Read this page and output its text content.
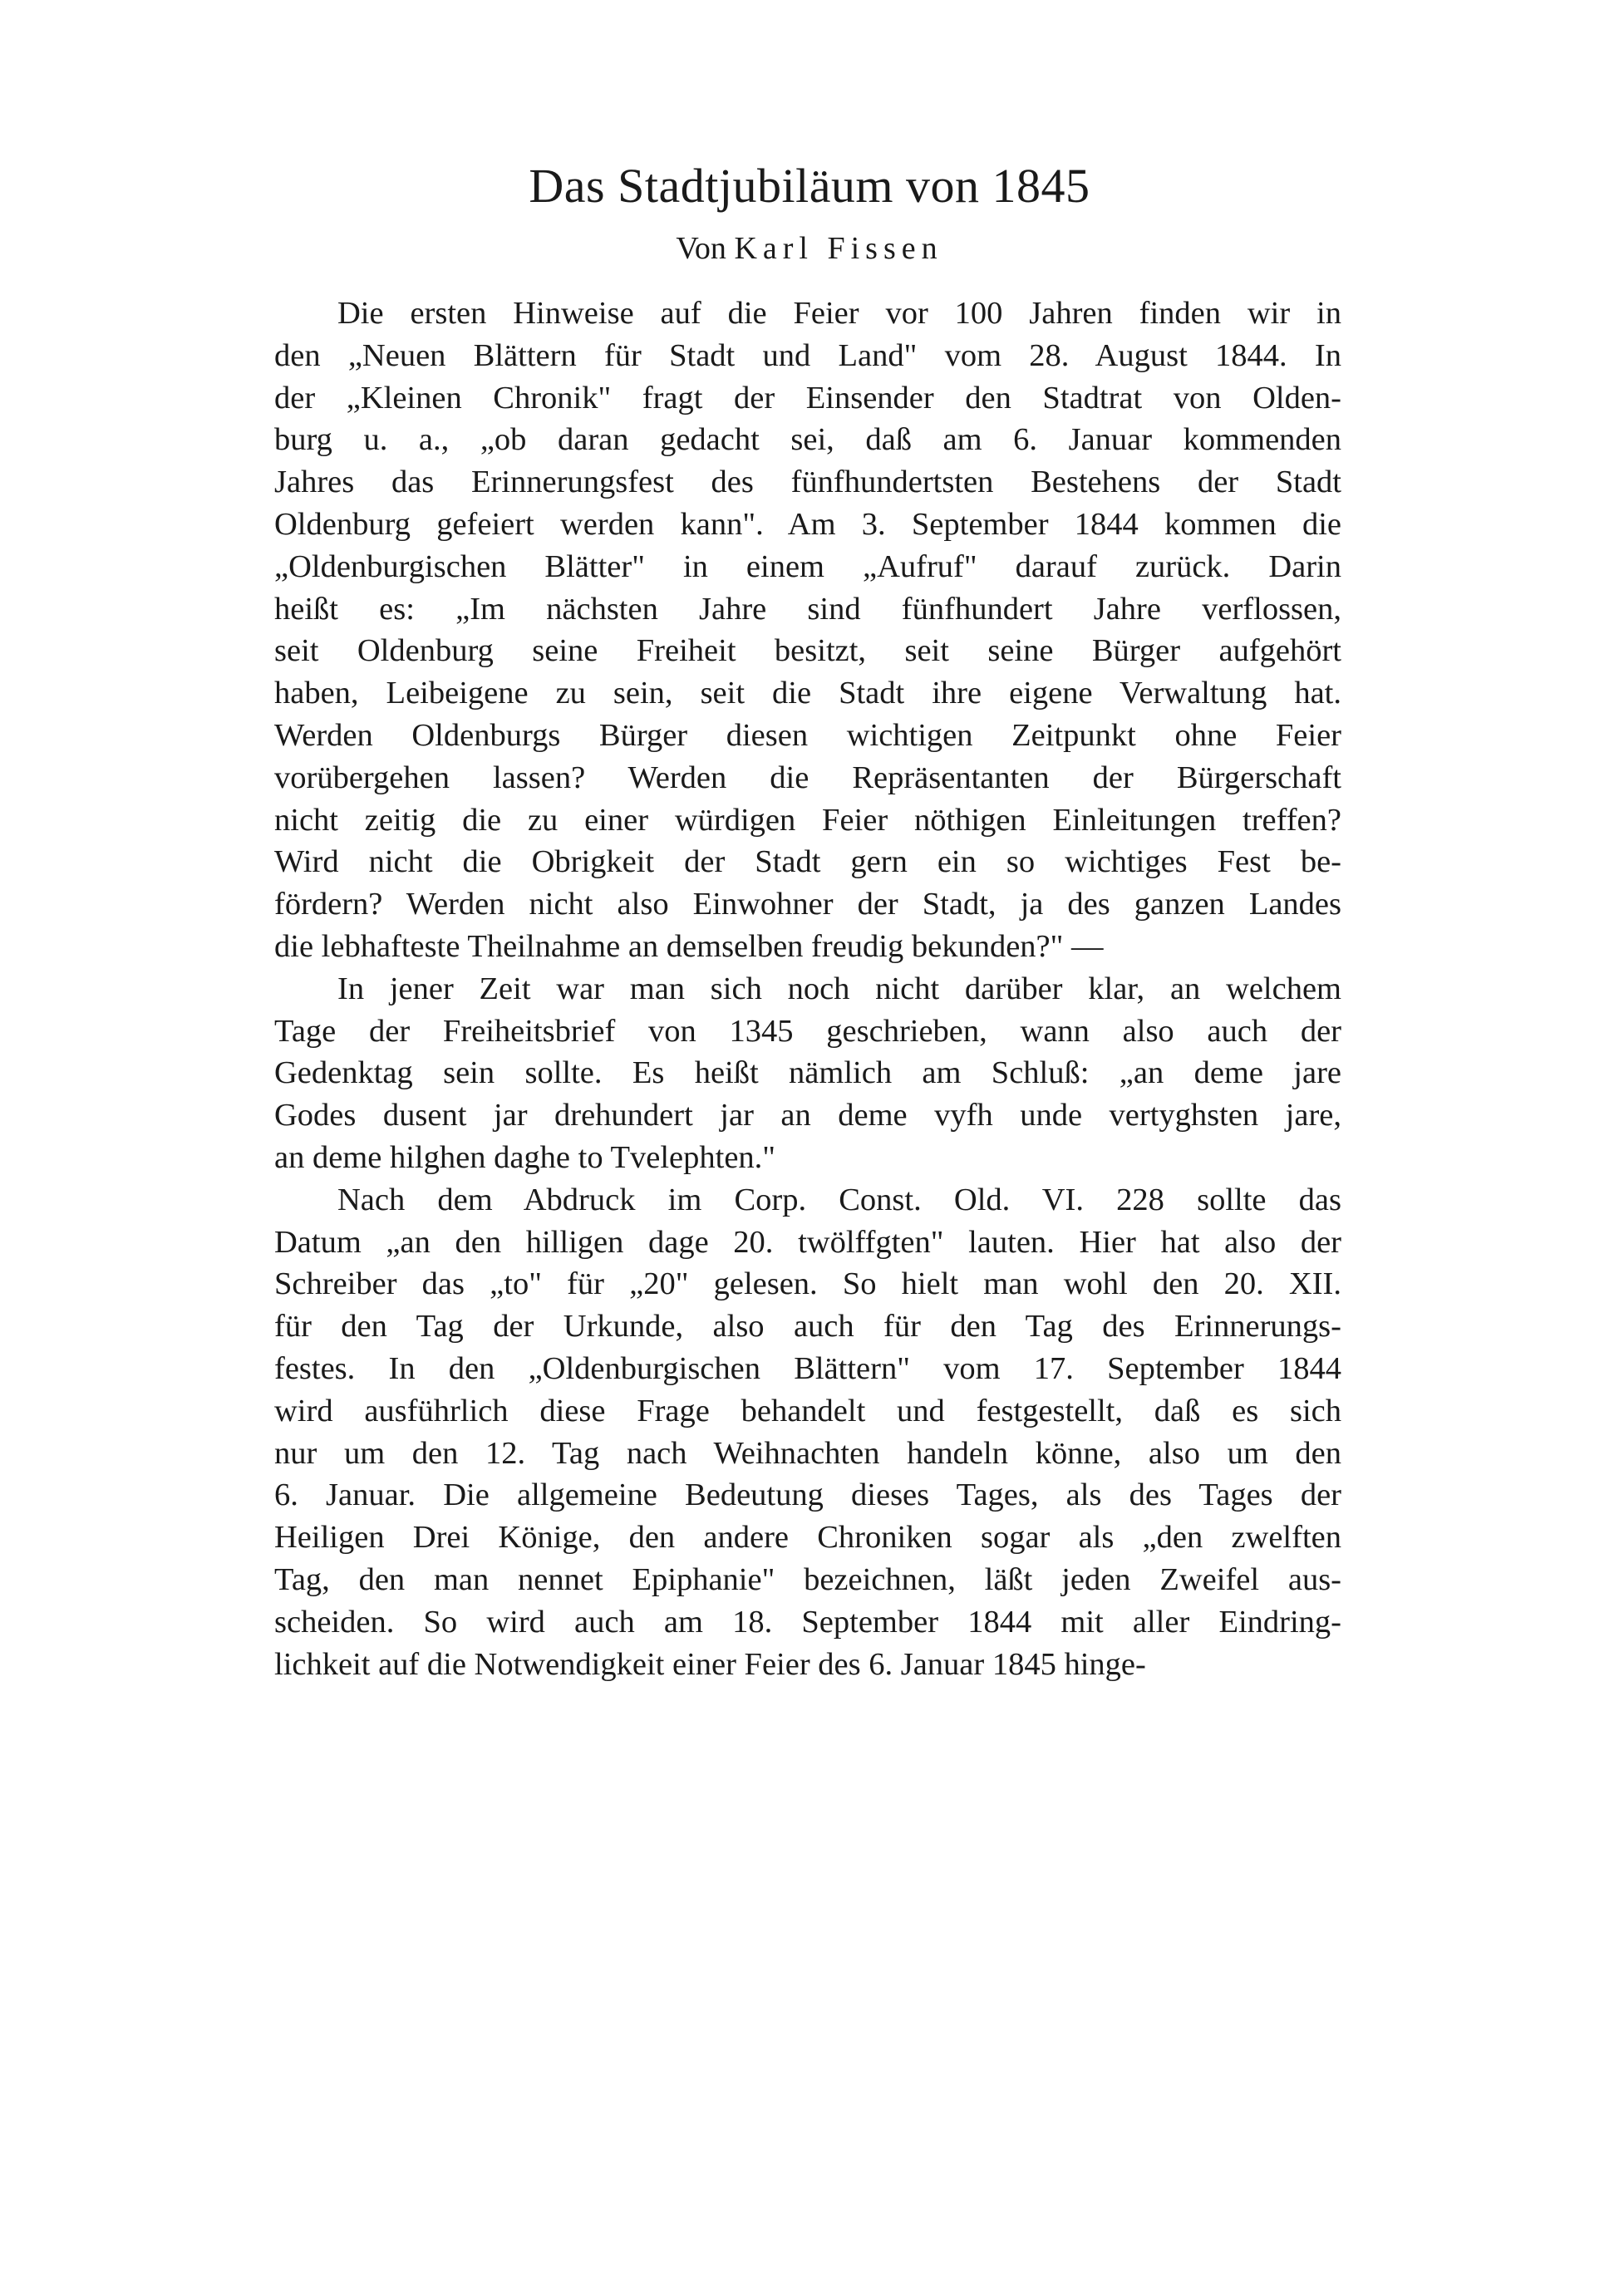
Das Stadtjubiläum von 1845
Von Karl Fissen
Die ersten Hinweise auf die Feier vor 100 Jahren finden wir in
den „Neuen Blättern für Stadt und Land" vom 28. August 1844. In
der „Kleinen Chronik" fragt der Einsender den Stadtrat von Olden-
burg u. a., „ob daran gedacht sei, daß am 6. Januar kommenden
Jahres das Erinnerungsfest des fünfhundertsten Bestehens der Stadt
Oldenburg gefeiert werden kann". Am 3. September 1844 kommen die
„Oldenburgischen Blätter" in einem „Aufruf" darauf zurück. Darin
heißt es: „Im nächsten Jahre sind fünfhundert Jahre verflossen,
seit Oldenburg seine Freiheit besitzt, seit seine Bürger aufgehört
haben, Leibeigene zu sein, seit die Stadt ihre eigene Verwaltung hat.
Werden Oldenburgs Bürger diesen wichtigen Zeitpunkt ohne Feier
vorübergehen lassen? Werden die Repräsentanten der Bürgerschaft
nicht zeitig die zu einer würdigen Feier nöthigen Einleitungen treffen?
Wird nicht die Obrigkeit der Stadt gern ein so wichtiges Fest be-
fördern? Werden nicht also Einwohner der Stadt, ja des ganzen Landes
die lebhafteste Theilnahme an demselben freudig bekunden?" —
In jener Zeit war man sich noch nicht darüber klar, an welchem
Tage der Freiheitsbrief von 1345 geschrieben, wann also auch der
Gedenktag sein sollte. Es heißt nämlich am Schluß: „an deme jare
Godes dusent jar drehundert jar an deme vyfh unde vertyghsten jare,
an deme hilghen daghe to Tvelephten."
Nach dem Abdruck im Corp. Const. Old. VI. 228 sollte das
Datum „an den hilligen dage 20. twölffgten" lauten. Hier hat also der
Schreiber das „to" für „20" gelesen. So hielt man wohl den 20. XII.
für den Tag der Urkunde, also auch für den Tag des Erinnerungs-
festes. In den „Oldenburgischen Blättern" vom 17. September 1844
wird ausführlich diese Frage behandelt und festgestellt, daß es sich
nur um den 12. Tag nach Weihnachten handeln könne, also um den
6. Januar. Die allgemeine Bedeutung dieses Tages, als des Tages der
Heiligen Drei Könige, den andere Chroniken sogar als „den zwelften
Tag, den man nennet Epiphanie" bezeichnen, läßt jeden Zweifel aus-
scheiden. So wird auch am 18. September 1844 mit aller Eindring-
lichkeit auf die Notwendigkeit einer Feier des 6. Januar 1845 hinge-
